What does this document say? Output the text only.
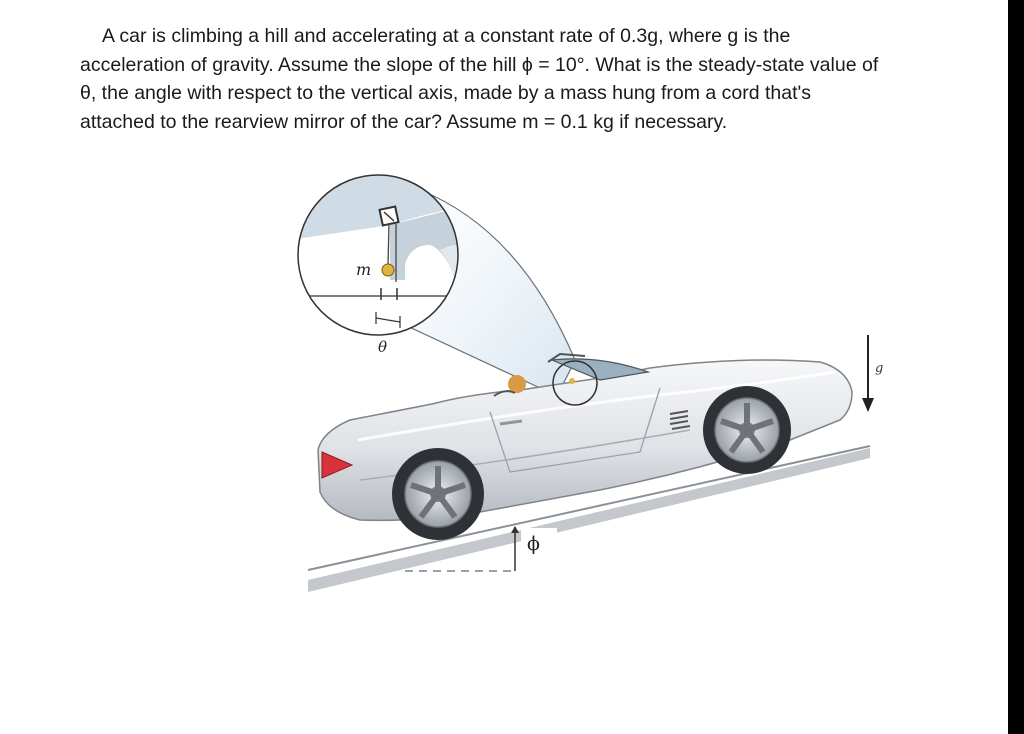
A car is climbing a hill and accelerating at a constant rate of 0.3g, where g is the acceleration of gravity. Assume the slope of the hill ϕ = 10°. What is the steady-state value of θ, the angle with respect to the vertical axis, made by a mass hung from a cord that's attached to the rearview mirror of the car? Assume m = 0.1 kg if necessary.

ϕ
m
θ
g
